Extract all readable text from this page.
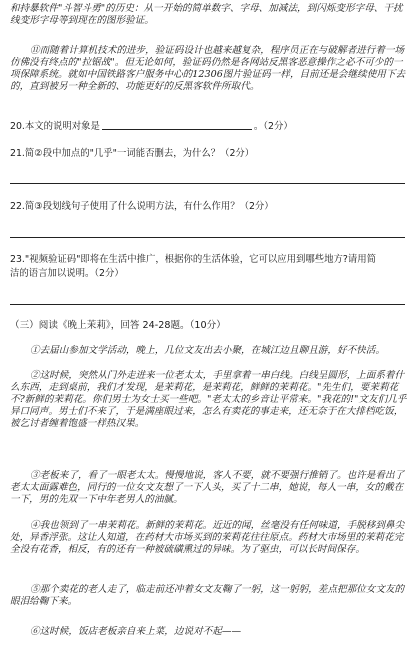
和持暴软件"斗智斗勇"的历史：从一开始的简单数字、字母、加减法，到闪烁变形字母、干扰线变形字母等到现在的图形验证。
⑪而随着计算机技术的进步，验证码设计也越来越复杂，程序员正在与破解者进行着一场仿佛没有终点的"拉锯战"。但无论如何，验证码仍然是各网站反黑客恶意操作之必不可少的一项保障系统。就如中国铁路客户服务中心的12306图片验证码一样，目前还是会继续使用下去的，直到被另一种全新的、功能更好的反黑客软件所取代。
20.本文的说明对象是	。（2分）
21.简②段中加点的"几乎"一词能否删去，为什么？（2分）
22.简③段划线句子使用了什么说明方法，有什么作用？（2分）
23."视频验证码"即将在生活中推广，根据你的生活体验，它可以应用到哪些地方?请用简
洁的语言加以说明。（2分）
（三）阅读《晚上茉莉》，回答 24-28题。（10分）
①去届山参加文学活动，晚上，几位文友出去小聚，在城江边且聊且游，好不快活。
②这时候，突然从门外走进来一位老太太，手里拿着一串白线。白线呈圆形，上面系着什么东西，走到桌前，我们才发现，是茉莉花，是茉莉花，鲜鲜的茉莉花。"先生们，要茉莉花不?新鲜的茉莉花。你们男士为女士买一些吧。"老太太的乡音让平常来。"我花的!"文友们几乎异口同声。男士们不来了，于是满座眼过来，怎么有卖花的事走来，还无奈于在大排档吃饭，被乞讨者缠着饱盛一样热汉果。
③老板来了，看了一眼老太太。慢慢地说，客人不要，就不要强行推销了。也许是看出了老太太面露难色，同行的一位女文友想了一下人头，买了十二串，她说，每人一串，女的戴在一下，男的先双一下中年老男人的油腻。
④我也领到了一串茉莉花。新鲜的茉莉花。近近的闻，丝毫没有任何味道，手脱移到鼻尖处，异香浮张。这让人知道，在药材大市场买到的茉莉花往往原点。药材大市场里的茉莉花完全没有花香，相反，有的还有一种被硫磺熏过的异味。为了驱虫，可以长时间保存。
⑤那个卖花的老人走了，临走前还冲着女文友鞠了一躬，这一躬躬，差点把那位女文友的眼泪给鞠下来。
⑥这时候，饭店老板亲自来上菜，边说对不起——
